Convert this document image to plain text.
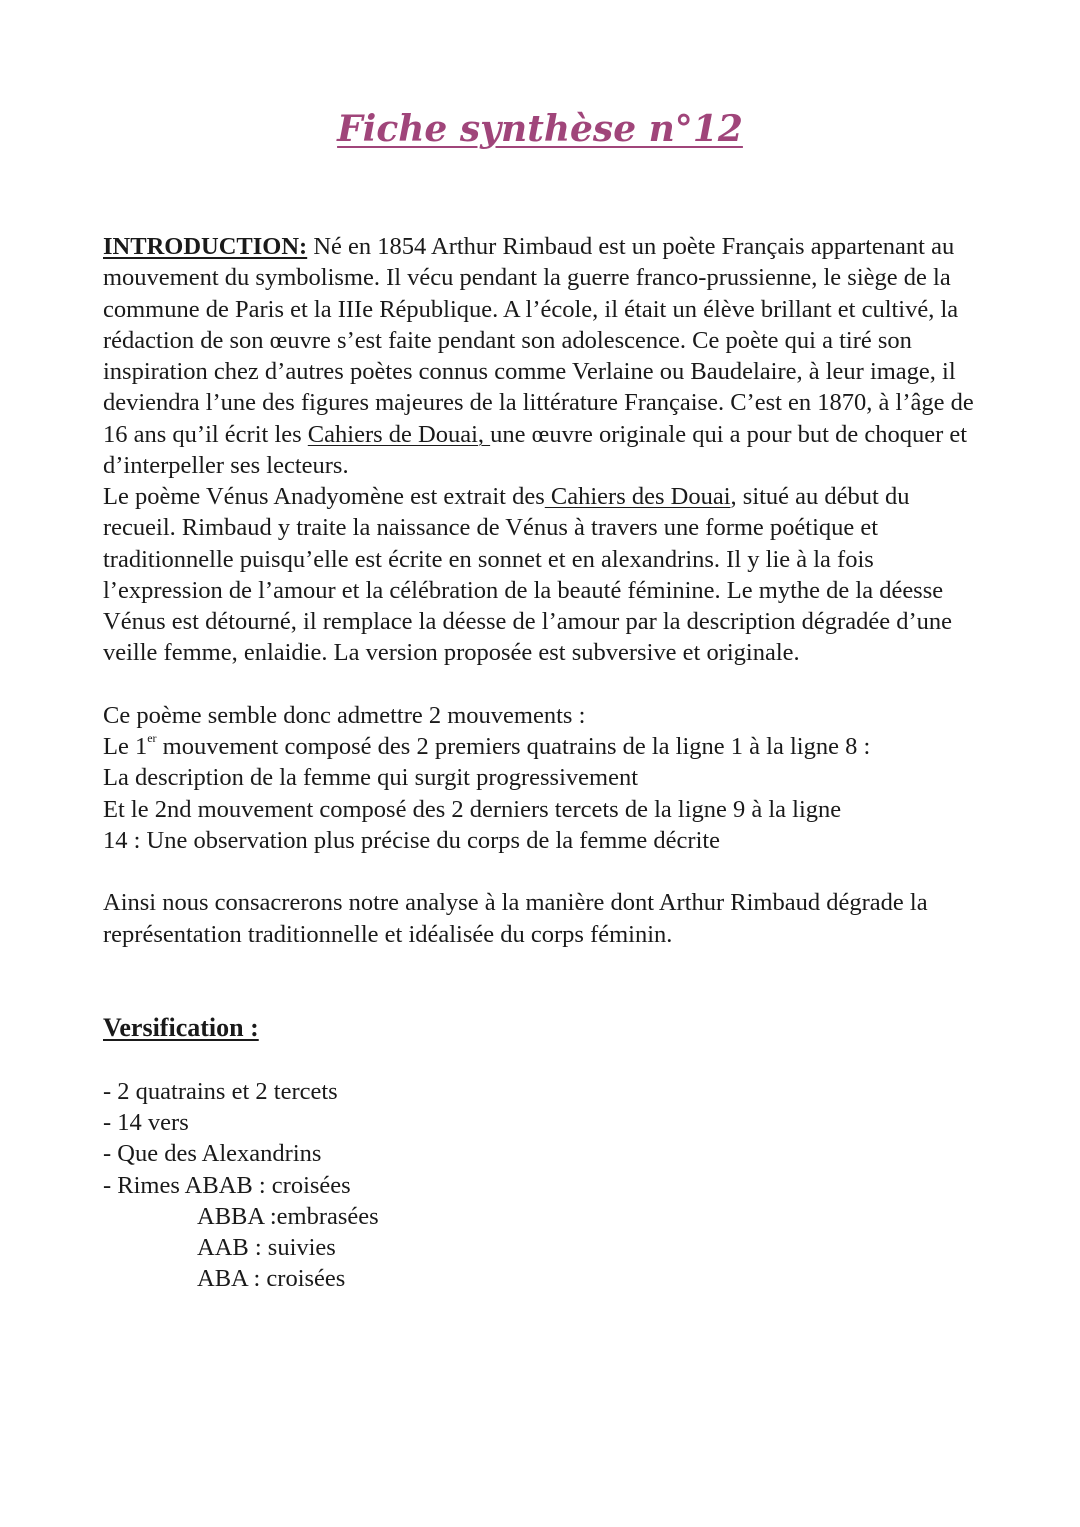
Fiche synthèse n°12

INTRODUCTION: Né en 1854 Arthur Rimbaud est un poète Français appartenant au mouvement du symbolisme. Il vécu pendant la guerre franco-prussienne, le siège de la commune de Paris et la IIIe République. A l’école, il était un élève brillant et cultivé, la rédaction de son œuvre s’est faite pendant son adolescence. Ce poète qui a tiré son inspiration chez d’autres poètes connus comme Verlaine ou Baudelaire, à leur image, il deviendra l’une des figures majeures de la littérature Française. C’est en 1870, à l’âge de 16 ans qu’il écrit les Cahiers de Douai, une œuvre originale qui a pour but de choquer et d’interpeller ses lecteurs.

Le poème Vénus Anadyomène est extrait des Cahiers des Douai, situé au début du recueil. Rimbaud y traite la naissance de Vénus à travers une forme poétique et traditionnelle puisqu’elle est écrite en sonnet et en alexandrins. Il y lie à la fois l’expression de l’amour et la célébration de la beauté féminine. Le mythe de la déesse Vénus est détourné, il remplace la déesse de l’amour par la description dégradée d’une veille femme, enlaidie. La version proposée est subversive et originale.

Ce poème semble donc admettre 2 mouvements :

Le 1er mouvement composé des 2 premiers quatrains de la ligne 1 à la ligne 8 :

La description de la femme qui surgit progressivement

Et le 2nd mouvement composé des 2 derniers tercets de la ligne 9 à la ligne

14 : Une observation plus précise du corps de la femme décrite

Ainsi nous consacrerons notre analyse à la manière dont Arthur Rimbaud dégrade la représentation traditionnelle et idéalisée du corps féminin.

Versification :

- 2 quatrains et 2 tercets

- 14 vers

- Que des Alexandrins

- Rimes ABAB : croisées

ABBA :embrasées

AAB : suivies

ABA : croisées
